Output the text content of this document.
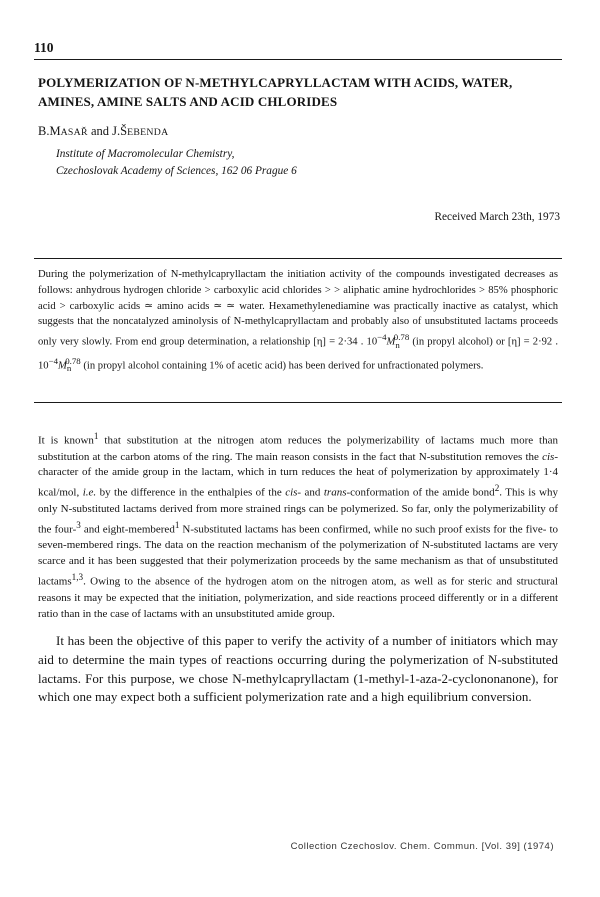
110
POLYMERIZATION OF N-METHYLCAPRYLLACTAM WITH ACIDS, WATER, AMINES, AMINE SALTS AND ACID CHLORIDES
B.MASAŘ and J.ŠEBENDA
Institute of Macromolecular Chemistry,
Czechoslovak Academy of Sciences, 162 06 Prague 6
Received March 23th, 1973

During the polymerization of N-methylcapryllactam the initiation activity of the compounds investigated decreases as follows: anhydrous hydrogen chloride > carboxylic acid chlorides > > aliphatic amine hydrochlorides > 85% phosphoric acid > carboxylic acids ≃ amino acids ≃ ≃ water. Hexamethylenediamine was practically inactive as catalyst, which suggests that the noncatalyzed aminolysis of N-methylcapryllactam and probably also of unsubstituted lactams proceeds only very slowly. From end group determination, a relationship [η] = 2·34 . $10^{-4}M_n^{0.78}$ (in propyl alcohol) or [η] = 2·92 . $10^{-4}M_n^{0.78}$ (in propyl alcohol containing 1% of acetic acid) has been derived for unfractionated polymers.

It is known$^1$ that substitution at the nitrogen atom reduces the polymerizability of lactams much more than substitution at the carbon atoms of the ring. The main reason consists in the fact that N-substitution removes the cis-character of the amide group in the lactam, which in turn reduces the heat of polymerization by approximately 1·4 kcal/mol, i.e. by the difference in the enthalpies of the cis- and trans-conformation of the amide bond$^2$. This is why only N-substituted lactams derived from more strained rings can be polymerized. So far, only the polymerizability of the four-$^3$ and eight-membered$^1$ N-substituted lactams has been confirmed, while no such proof exists for the five- to seven-membered rings. The data on the reaction mechanism of the polymerization of N-substituted lactams are very scarce and it has been suggested that their polymerization proceeds by the same mechanism as that of unsubstituted lactams$^{1,3}$. Owing to the absence of the hydrogen atom on the nitrogen atom, as well as for steric and structural reasons it may be expected that the initiation, polymerization, and side reactions proceed differently or in a different ratio than in the case of lactams with an unsubstituted amide group.

It has been the objective of this paper to verify the activity of a number of initiators which may aid to determine the main types of reactions occurring during the polymerization of N-substituted lactams. For this purpose, we chose N-methylcapryllactam (1-methyl-1-aza-2-cyclononanone), for which one may expect both a sufficient polymerization rate and a high equilibrium conversion.

Collection Czechoslov. Chem. Commun. [Vol. 39] (1974)
